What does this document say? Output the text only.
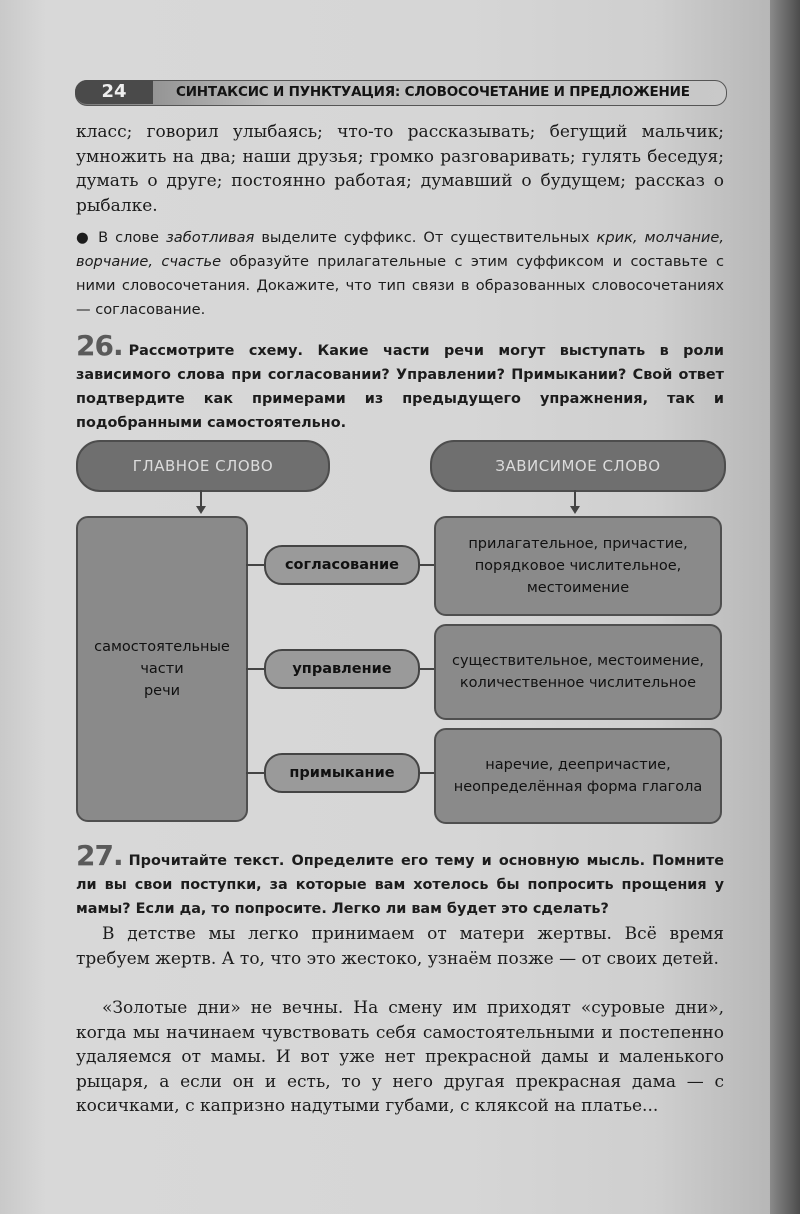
24	СИНТАКСИС И ПУНКТУАЦИЯ: СЛОВОСОЧЕТАНИЕ И ПРЕДЛОЖЕНИЕ

класс; говорил улыбаясь; что-то рассказывать; бегущий мальчик; умножить на два; наши друзья; громко разговаривать; гулять беседуя; думать о друге; постоянно работая; думавший о будущем; рассказ о рыбалке.

● В слове заботливая выделите суффикс. От существительных крик, молчание, ворчание, счастье образуйте прилагательные с этим суффиксом и составьте с ними словосочетания. Докажите, что тип связи в образованных словосочетаниях — согласование.

26. Рассмотрите схему. Какие части речи могут выступать в роли зависимого слова при согласовании? Управлении? Примыкании? Свой ответ подтвердите как примерами из предыдущего упражнения, так и подобранными самостоятельно.

ГЛАВНОЕ СЛОВО	ЗАВИСИМОЕ СЛОВО
самостоятельные
части
речи
согласование
управление
примыкание
прилагательное, причастие,
порядковое числительное,
местоимение
существительное, местоимение,
количественное числительное
наречие, деепричастие,
неопределённая форма глагола

27. Прочитайте текст. Определите его тему и основную мысль. Помните ли вы свои поступки, за которые вам хотелось бы попросить прощения у мамы? Если да, то попросите. Легко ли вам будет это сделать?

В детстве мы легко принимаем от матери жертвы. Всё время требуем жертв. А то, что это жестоко, узнаём позже — от своих детей.

«Золотые дни» не вечны. На смену им приходят «суровые дни», когда мы начинаем чувствовать себя самостоятельными и постепенно удаляемся от мамы. И вот уже нет прекрасной дамы и маленького рыцаря, а если он и есть, то у него другая прекрасная дама — с косичками, с капризно надутыми губами, с кляксой на платье...
